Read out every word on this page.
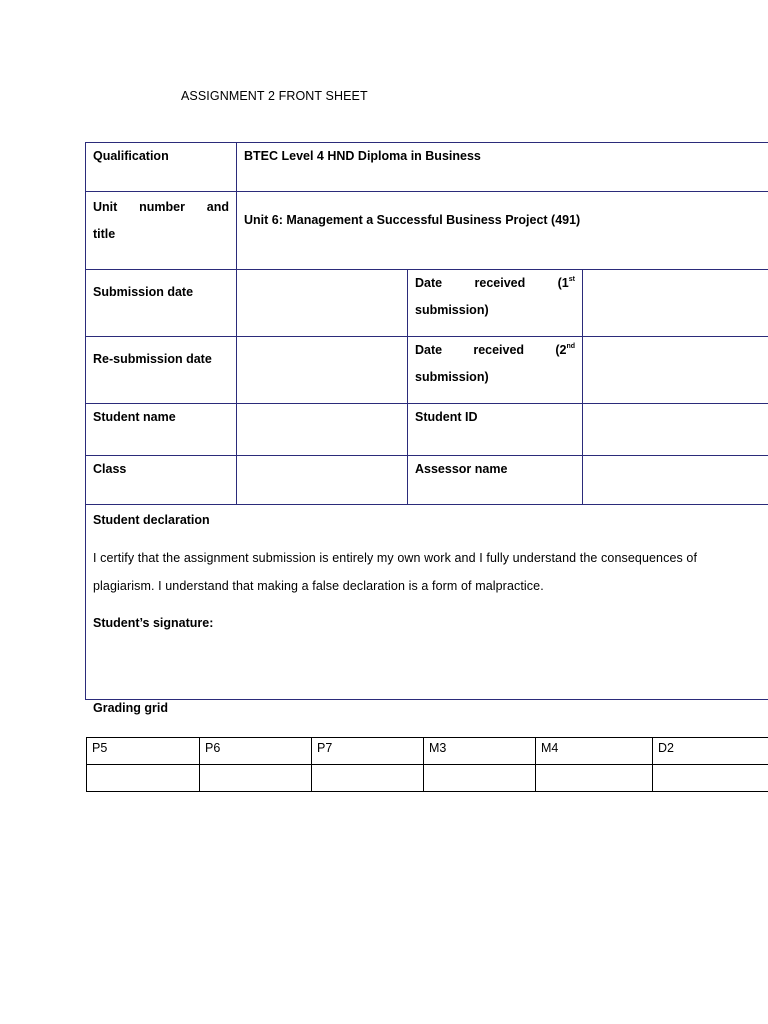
ASSIGNMENT 2 FRONT SHEET
Qualification	BTEC Level 4 HND Diploma in Business		

Unit number and
title	Unit 6: Management a Successful Business Project (491)		
Submission date		Date received (1st
submission)	

Re-submission date		Date received (2nd
submission)	

Student name		Student ID	
Class		Assessor name	

Student declaration
I certify that the assignment submission is entirely my own work and I fully understand the consequences of plagiarism. I understand that making a false declaration is a form of malpractice.
Student’s signature:			
Grading grid
P5	P6	P7	M3	M4	D2
